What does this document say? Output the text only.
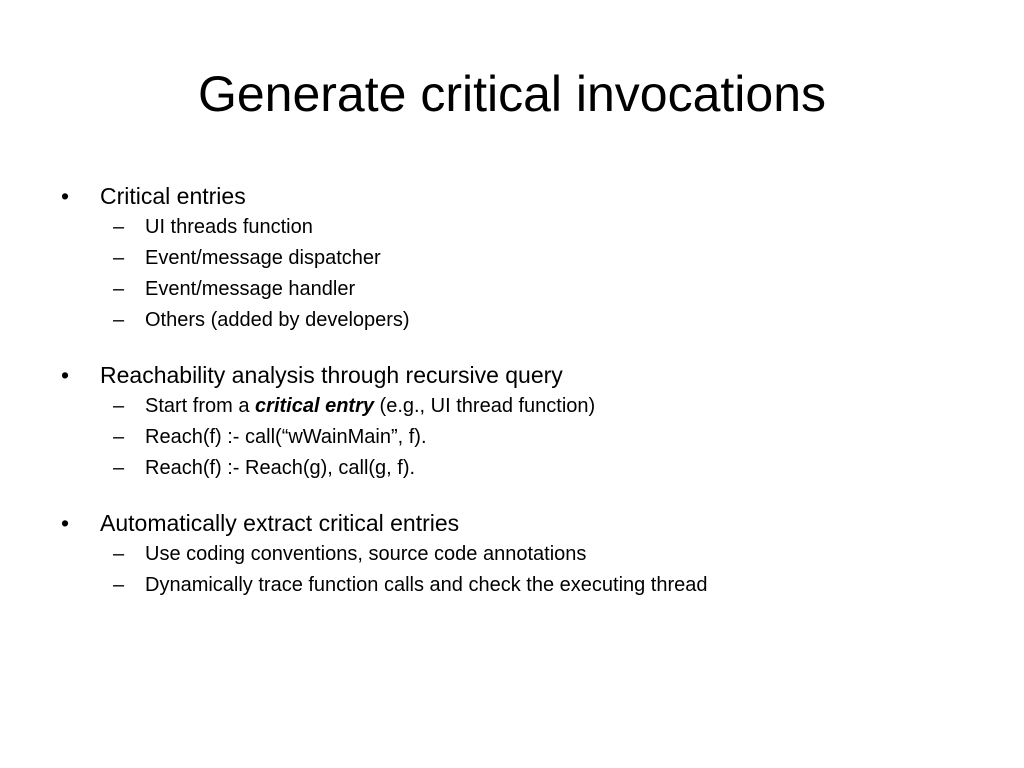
Generate critical invocations
• Critical entries
– UI threads function
– Event/message dispatcher
– Event/message handler
– Others (added by developers)
• Reachability analysis through recursive query
– Start from a critical entry (e.g., UI thread function)
– Reach(f) :- call(“wWainMain”, f).
– Reach(f) :- Reach(g), call(g, f).
• Automatically extract critical entries
– Use coding conventions, source code annotations
– Dynamically trace function calls and check the executing thread
